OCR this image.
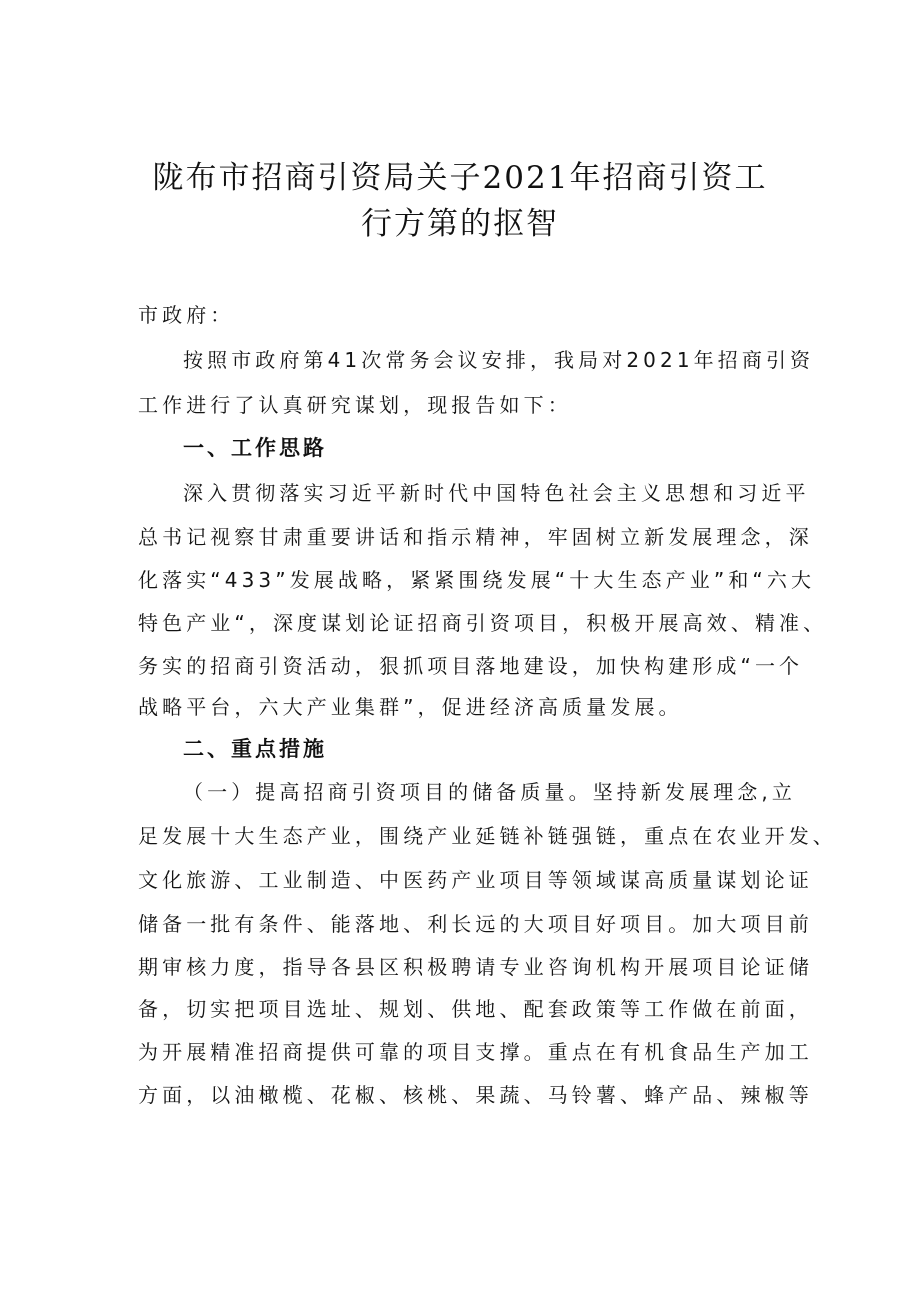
陇布市招商引资局关子2021年招商引资工
行方第的抠智
市政府：
按照市政府第41次常务会议安排，我局对2021年招商引资
工作进行了认真研究谋划，现报告如下：
一、工作思路
深入贯彻落实习近平新时代中国特色社会主义思想和习近平
总书记视察甘肃重要讲话和指示精神，牢固树立新发展理念，深
化落实“433”发展战略，紧紧围绕发展“十大生态产业”和“六大
特色产业“，深度谋划论证招商引资项目，积极开展高效、精准、
务实的招商引资活动，狠抓项目落地建设，加快构建形成“一个
战略平台，六大产业集群”，促进经济高质量发展。
二、重点措施
（一）提高招商引资项目的储备质量。坚持新发展理念,立
足发展十大生态产业，围绕产业延链补链强链，重点在农业开发、
文化旅游、工业制造、中医药产业项目等领域谋高质量谋划论证
储备一批有条件、能落地、利长远的大项目好项目。加大项目前
期审核力度，指导各县区积极聘请专业咨询机构开展项目论证储
备，切实把项目选址、规划、供地、配套政策等工作做在前面，
为开展精准招商提供可靠的项目支撑。重点在有机食品生产加工
方面，以油橄榄、花椒、核桃、果蔬、马铃薯、蜂产品、辣椒等
